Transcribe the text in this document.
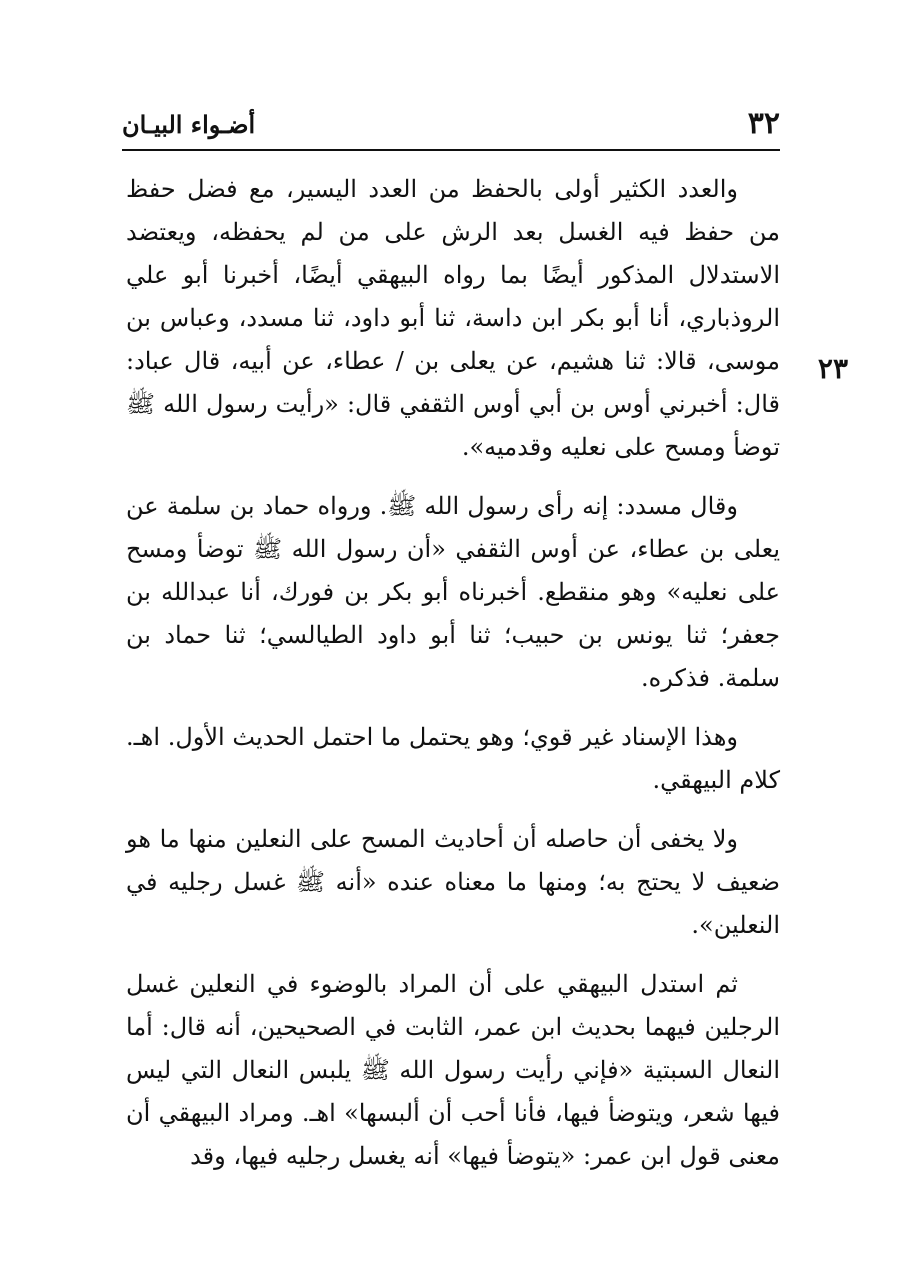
٣٢
أضـواء البيـان
٢٣

والعدد الكثير أولى بالحفظ من العدد اليسير، مع فضل حفظ من حفظ فيه الغسل بعد الرش على من لم يحفظه، ويعتضد الاستدلال المذكور أيضًا بما رواه البيهقي أيضًا، أخبرنا أبو علي الروذباري، أنا أبو بكر ابن داسة، ثنا أبو داود، ثنا مسدد، وعباس بن موسى، قالا: ثنا هشيم، عن يعلى بن / عطاء، عن أبيه، قال عباد: قال: أخبرني أوس بن أبي أوس الثقفي قال: «رأيت رسول الله ﷺ توضأ ومسح على نعليه وقدميه».

وقال مسدد: إنه رأى رسول الله ﷺ. ورواه حماد بن سلمة عن يعلى بن عطاء، عن أوس الثقفي «أن رسول الله ﷺ توضأ ومسح على نعليه» وهو منقطع. أخبرناه أبو بكر بن فورك، أنا عبدالله بن جعفر؛ ثنا يونس بن حبيب؛ ثنا أبو داود الطيالسي؛ ثنا حماد بن سلمة. فذكره.

وهذا الإسناد غير قوي؛ وهو يحتمل ما احتمل الحديث الأول. اهـ. كلام البيهقي.

ولا يخفى أن حاصله أن أحاديث المسح على النعلين منها ما هو ضعيف لا يحتج به؛ ومنها ما معناه عنده «أنه ﷺ غسل رجليه في النعلين».

ثم استدل البيهقي على أن المراد بالوضوء في النعلين غسل الرجلين فيهما بحديث ابن عمر، الثابت في الصحيحين، أنه قال: أما النعال السبتية «فإني رأيت رسول الله ﷺ يلبس النعال التي ليس فيها شعر، ويتوضأ فيها، فأنا أحب أن ألبسها» اهـ. ومراد البيهقي أن معنى قول ابن عمر: «يتوضأ فيها» أنه يغسل رجليه فيها، وقد
